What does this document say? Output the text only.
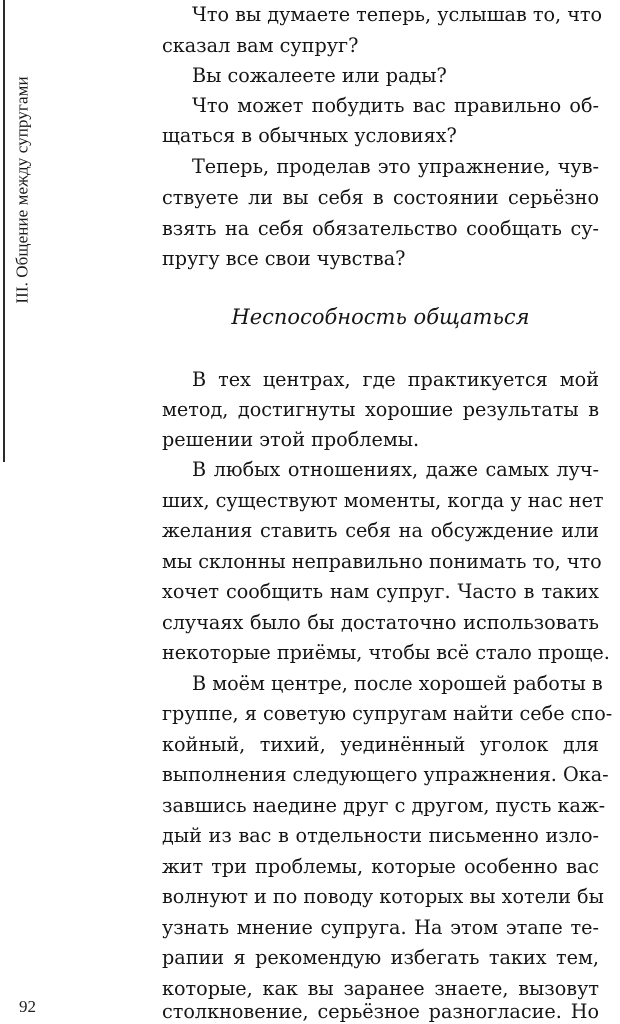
III. Общение между супругами
Что вы думаете теперь, услышав то, что
сказал вам супруг?
Вы сожалеете или рады?
Что может побудить вас правильно об-
щаться в обычных условиях?
Теперь, проделав это упражнение, чув-
ствуете ли вы себя в состоянии серьёзно
взять на себя обязательство сообщать су-
пругу все свои чувства?
Неспособность общаться
В тех центрах, где практикуется мой
метод, достигнуты хорошие результаты в
решении этой проблемы.
В любых отношениях, даже самых луч-
ших, существуют моменты, когда у нас нет
желания ставить себя на обсуждение или
мы склонны неправильно понимать то, что
хочет сообщить нам супруг. Часто в таких
случаях было бы достаточно использовать
некоторые приёмы, чтобы всё стало проще.
В моём центре, после хорошей работы в
группе, я советую супругам найти себе спо-
койный, тихий, уединённый уголок для
выполнения следующего упражнения. Ока-
завшись наедине друг с другом, пусть каж-
дый из вас в отдельности письменно изло-
жит три проблемы, которые особенно вас
волнуют и по поводу которых вы хотели бы
узнать мнение супруга. На этом этапе те-
рапии я рекомендую избегать таких тем,
которые, как вы заранее знаете, вызовут
столкновение, серьёзное разногласие. Но
92
